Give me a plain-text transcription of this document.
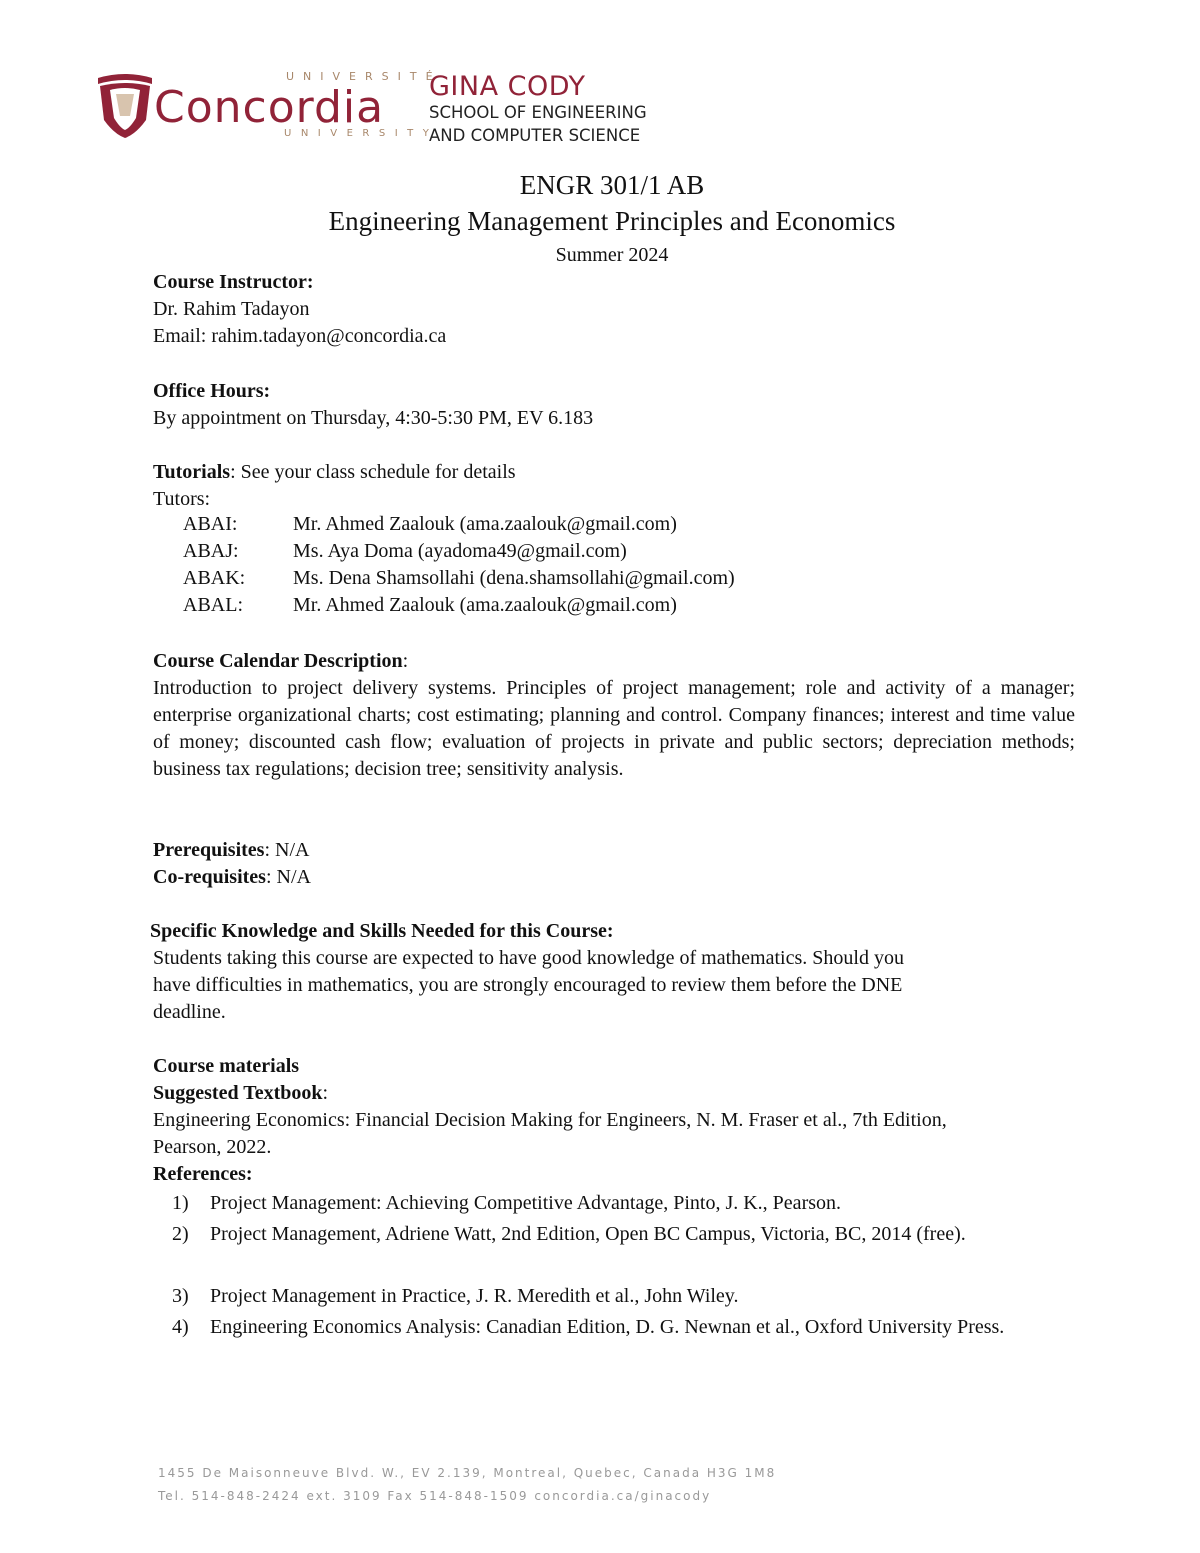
UNIVERSITÉ
Concordia
UNIVERSITY
GINA CODY
SCHOOL OF ENGINEERING
AND COMPUTER SCIENCE
ENGR 301/1 AB
Engineering Management Principles and Economics
Summer 2024
Course Instructor:
Dr. Rahim Tadayon
Email: rahim.tadayon@concordia.ca
Office Hours:
By appointment on Thursday, 4:30-5:30 PM, EV 6.183
Tutorials: See your class schedule for details
Tutors:
ABAI:	Mr. Ahmed Zaalouk (ama.zaalouk@gmail.com)
ABAJ:	Ms. Aya Doma (ayadoma49@gmail.com)
ABAK: Ms. Dena Shamsollahi (dena.shamsollahi@gmail.com)
ABAL:	Mr. Ahmed Zaalouk (ama.zaalouk@gmail.com)
Course Calendar Description:
Introduction to project delivery systems. Principles of project management; role and activity of a manager; enterprise organizational charts; cost estimating; planning and control. Company finances; interest and time value of money; discounted cash flow; evaluation of projects in private and public sectors; depreciation methods; business tax regulations; decision tree; sensitivity analysis.
Prerequisites: N/A
Co-requisites: N/A
Specific Knowledge and Skills Needed for this Course:
Students taking this course are expected to have good knowledge of mathematics. Should you
have difficulties in mathematics, you are strongly encouraged to review them before the DNE
deadline.
Course materials
Suggested Textbook:
Engineering Economics: Financial Decision Making for Engineers, N. M. Fraser et al., 7th Edition,
Pearson, 2022.
References:
1) Project Management: Achieving Competitive Advantage, Pinto, J. K., Pearson.
2) Project Management, Adriene Watt, 2nd Edition, Open BC Campus, Victoria, BC, 2014 (free).
3) Project Management in Practice, J. R. Meredith et al., John Wiley.
4) Engineering Economics Analysis: Canadian Edition, D. G. Newnan et al., Oxford University Press.
1455 De Maisonneuve Blvd. W., EV 2.139, Montreal, Quebec, Canada H3G 1M8
Tel. 514-848-2424 ext. 3109 Fax 514-848-1509 concordia.ca/ginacody
